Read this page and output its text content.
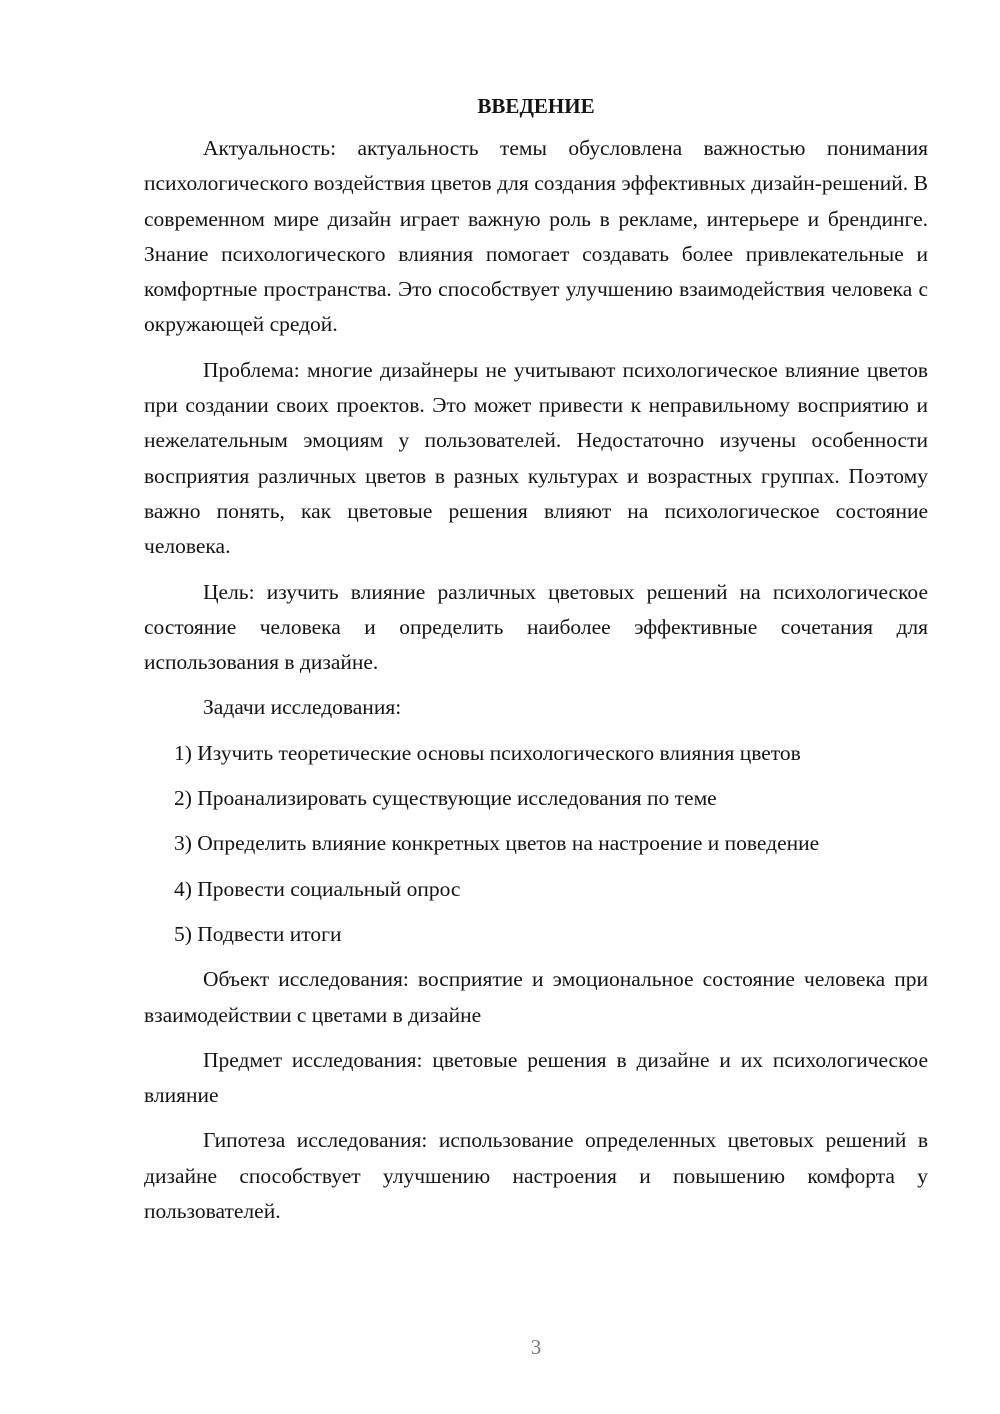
ВВЕДЕНИЕ

Актуальность: актуальность темы обусловлена важностью понимания психологического воздействия цветов для создания эффективных дизайн-решений. В современном мире дизайн играет важную роль в рекламе, интерьере и брендинге. Знание психологического влияния помогает создавать более привлекательные и комфортные пространства. Это способствует улучшению взаимодействия человека с окружающей средой.

Проблема: многие дизайнеры не учитывают психологическое влияние цветов при создании своих проектов. Это может привести к неправильному восприятию и нежелательным эмоциям у пользователей. Недостаточно изучены особенности восприятия различных цветов в разных культурах и возрастных группах. Поэтому важно понять, как цветовые решения влияют на психологическое состояние человека.

Цель: изучить влияние различных цветовых решений на психологическое состояние человека и определить наиболее эффективные сочетания для использования в дизайне.

Задачи исследования:

1) Изучить теоретические основы психологического влияния цветов

2) Проанализировать существующие исследования по теме

3) Определить влияние конкретных цветов на настроение и поведение

4) Провести социальный опрос

5) Подвести итоги

Объект исследования: восприятие и эмоциональное состояние человека при взаимодействии с цветами в дизайне

Предмет исследования: цветовые решения в дизайне и их психологическое влияние

Гипотеза исследования: использование определенных цветовых решений в дизайне способствует улучшению настроения и повышению комфорта у пользователей.

3
